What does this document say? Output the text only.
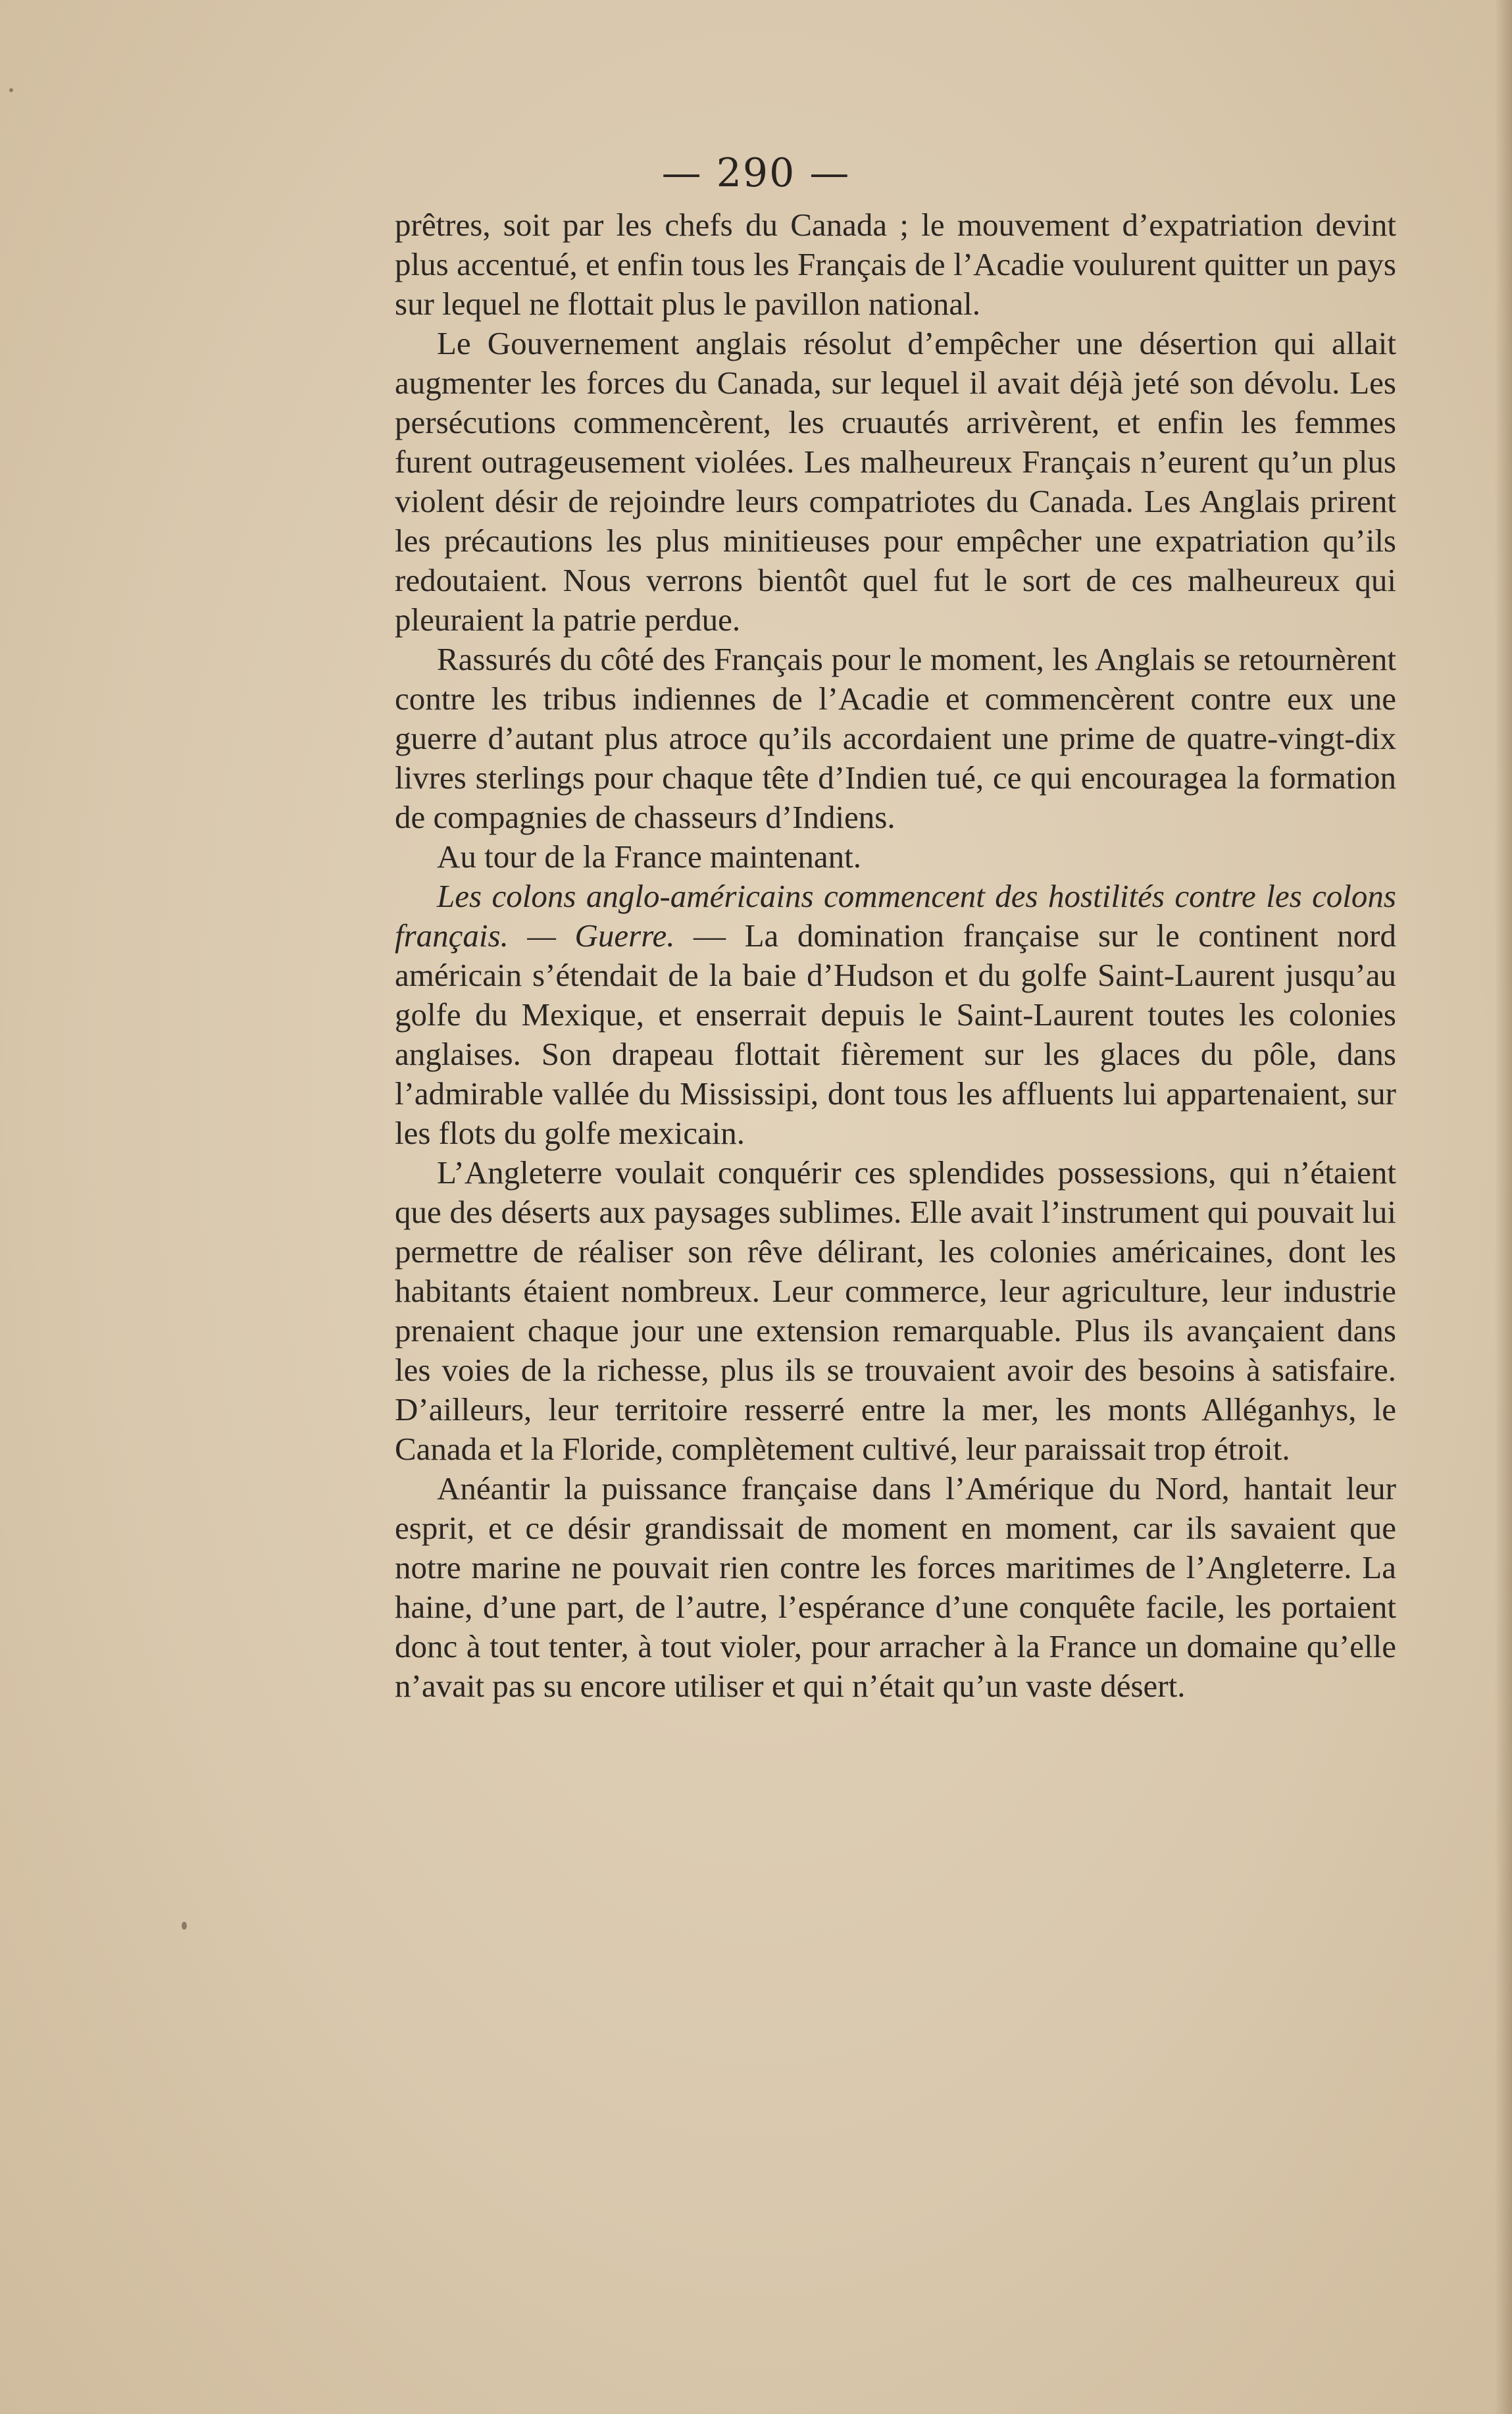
— 290 —

prêtres, soit par les chefs du Canada ; le mouvement d’expatriation devint plus accentué, et enfin tous les Français de l’Acadie voulurent quitter un pays sur lequel ne flottait plus le pavillon national.

Le Gouvernement anglais résolut d’empêcher une désertion qui allait augmenter les forces du Canada, sur lequel il avait déjà jeté son dévolu. Les persécutions commencèrent, les cruautés arrivèrent, et enfin les femmes furent outrageusement violées. Les malheureux Français n’eurent qu’un plus violent désir de rejoindre leurs compatriotes du Canada. Les Anglais prirent les précautions les plus minitieuses pour empêcher une expatriation qu’ils redoutaient. Nous verrons bientôt quel fut le sort de ces malheureux qui pleuraient la patrie perdue.

Rassurés du côté des Français pour le moment, les Anglais se retournèrent contre les tribus indiennes de l’Acadie et commencèrent contre eux une guerre d’autant plus atroce qu’ils accordaient une prime de quatre-vingt-dix livres sterlings pour chaque tête d’Indien tué, ce qui encouragea la formation de compagnies de chasseurs d’Indiens.

Au tour de la France maintenant.

Les colons anglo-américains commencent des hostilités contre les colons français. — Guerre. — La domination française sur le continent nord américain s’étendait de la baie d’Hudson et du golfe Saint-Laurent jusqu’au golfe du Mexique, et enserrait depuis le Saint-Laurent toutes les colonies anglaises. Son drapeau flottait fièrement sur les glaces du pôle, dans l’admirable vallée du Mississipi, dont tous les affluents lui appartenaient, sur les flots du golfe mexicain.

L’Angleterre voulait conquérir ces splendides possessions, qui n’étaient que des déserts aux paysages sublimes. Elle avait l’instrument qui pouvait lui permettre de réaliser son rêve délirant, les colonies américaines, dont les habitants étaient nombreux. Leur commerce, leur agriculture, leur industrie prenaient chaque jour une extension remarquable. Plus ils avançaient dans les voies de la richesse, plus ils se trouvaient avoir des besoins à satisfaire. D’ailleurs, leur territoire resserré entre la mer, les monts Alléganhys, le Canada et la Floride, complètement cultivé, leur paraissait trop étroit.

Anéantir la puissance française dans l’Amérique du Nord, hantait leur esprit, et ce désir grandissait de moment en moment, car ils savaient que notre marine ne pouvait rien contre les forces maritimes de l’Angleterre. La haine, d’une part, de l’autre, l’espérance d’une conquête facile, les portaient donc à tout tenter, à tout violer, pour arracher à la France un domaine qu’elle n’avait pas su encore utiliser et qui n’était qu’un vaste désert.
